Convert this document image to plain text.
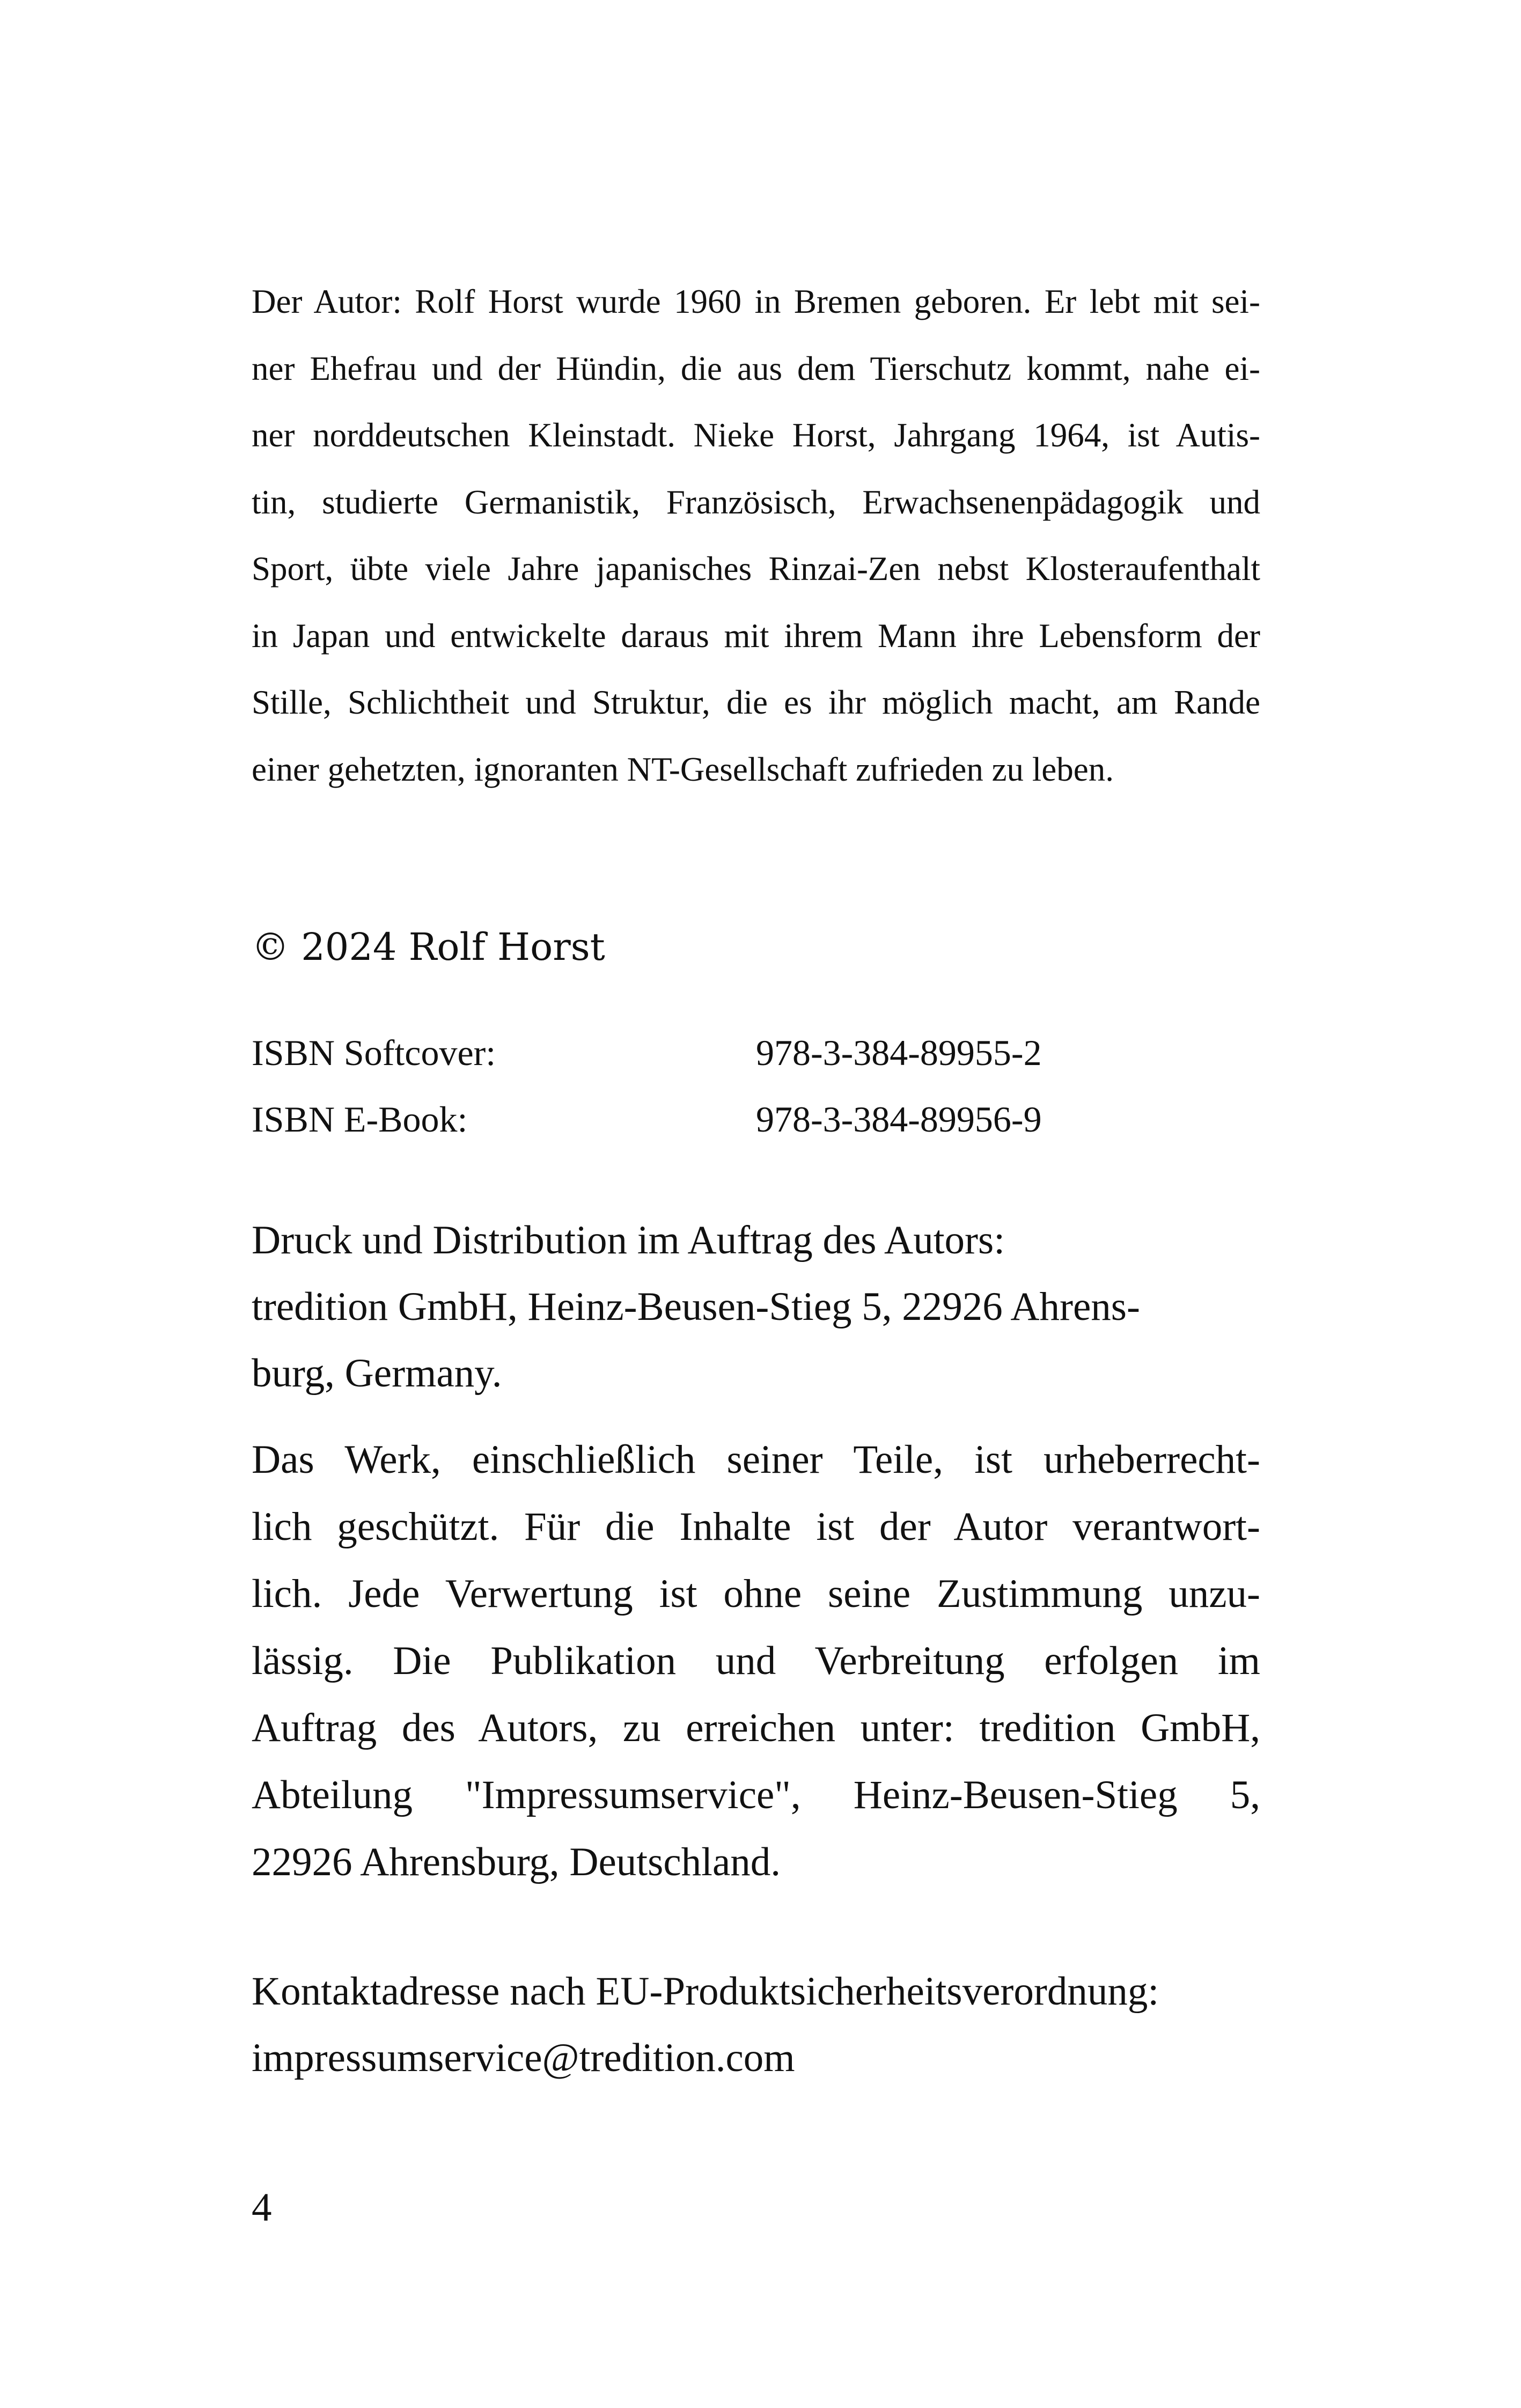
Der Autor: Rolf Horst wurde 1960 in Bremen geboren. Er lebt mit sei-
ner Ehefrau und der Hündin, die aus dem Tierschutz kommt, nahe ei-
ner norddeutschen Kleinstadt. Nieke Horst, Jahrgang 1964, ist Autis-
tin, studierte Germanistik, Französisch, Erwachsenenpädagogik und
Sport, übte viele Jahre japanisches Rinzai-Zen nebst Klosteraufenthalt
in Japan und entwickelte daraus mit ihrem Mann ihre Lebensform der
Stille, Schlichtheit und Struktur, die es ihr möglich macht, am Rande
einer gehetzten, ignoranten NT-Gesellschaft zufrieden zu leben.
© 2024 Rolf Horst
ISBN Softcover:	978-3-384-89955-2
ISBN E-Book:	978-3-384-89956-9
Druck und Distribution im Auftrag des Autors:
tredition GmbH, Heinz-Beusen-Stieg 5, 22926 Ahrens-
burg, Germany.
Das Werk, einschließlich seiner Teile, ist urheberrecht-
lich geschützt. Für die Inhalte ist der Autor verantwort-
lich. Jede Verwertung ist ohne seine Zustimmung unzu-
lässig. Die Publikation und Verbreitung erfolgen im
Auftrag des Autors, zu erreichen unter: tredition GmbH,
Abteilung "Impressumservice", Heinz-Beusen-Stieg 5,
22926 Ahrensburg, Deutschland.
Kontaktadresse nach EU-Produktsicherheitsverordnung:
impressumservice@tredition.com
4
